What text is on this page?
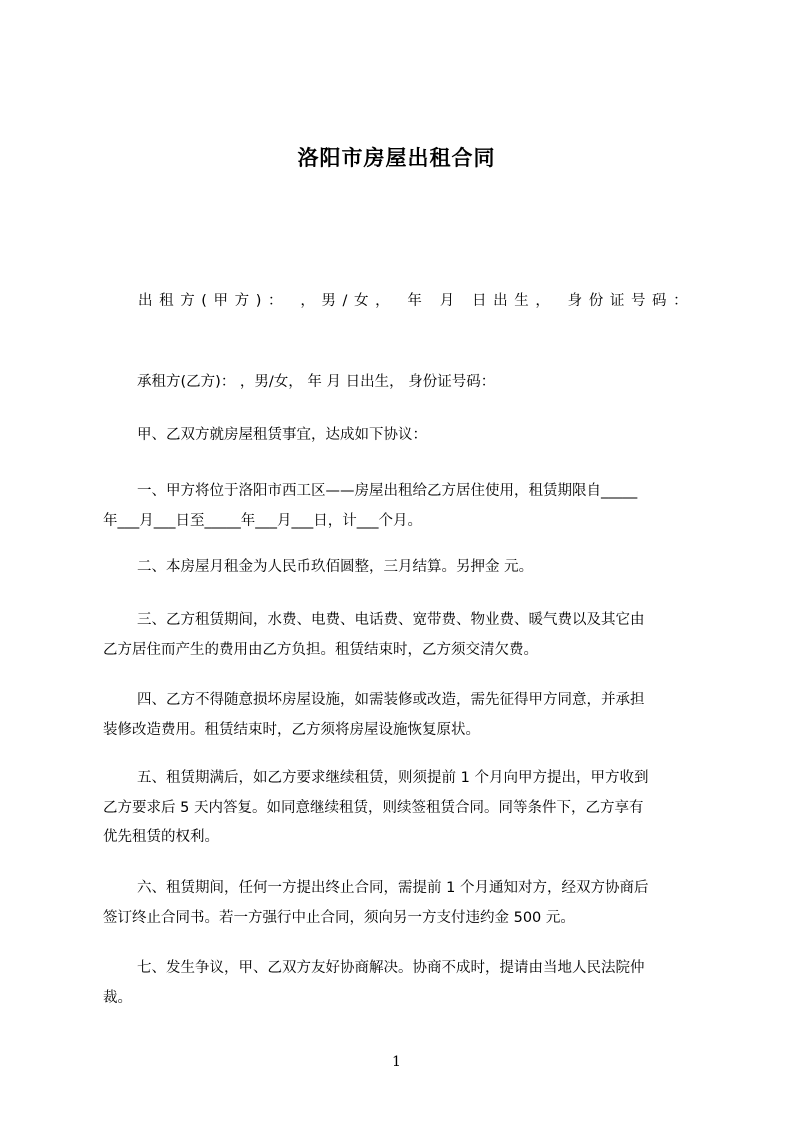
洛阳市房屋出租合同
出租方(甲方)： ，男/女， 年 月 日出生， 身份证号码：
承租方(乙方)： ，男/女， 年 月 日出生， 身份证号码：
甲、乙双方就房屋租赁事宜，达成如下协议：
一、甲方将位于洛阳市西工区——房屋出租给乙方居住使用，租赁期限自_____
年___月___日至_____年___月___日，计___个月。
二、本房屋月租金为人民币玖佰圆整，三月结算。另押金 元。
三、乙方租赁期间，水费、电费、电话费、宽带费、物业费、暖气费以及其它由
乙方居住而产生的费用由乙方负担。租赁结束时，乙方须交清欠费。
四、乙方不得随意损坏房屋设施，如需装修或改造，需先征得甲方同意，并承担
装修改造费用。租赁结束时，乙方须将房屋设施恢复原状。
五、租赁期满后，如乙方要求继续租赁，则须提前 1 个月向甲方提出，甲方收到
乙方要求后 5 天内答复。如同意继续租赁，则续签租赁合同。同等条件下，乙方享有
优先租赁的权利。
六、租赁期间，任何一方提出终止合同，需提前 1 个月通知对方，经双方协商后
签订终止合同书。若一方强行中止合同，须向另一方支付违约金 500 元。
七、发生争议，甲、乙双方友好协商解决。协商不成时，提请由当地人民法院仲
裁。
1
